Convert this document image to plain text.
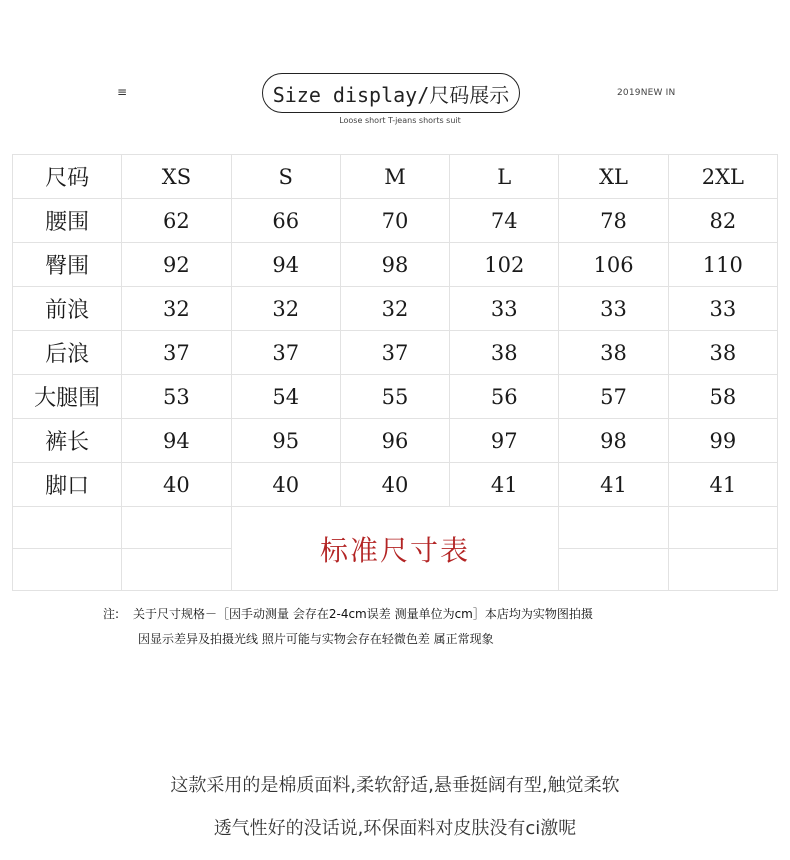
≡	Size display/尺码展示	2019NEW IN
Loose short T-jeans shorts suit
尺码	XS	S	M	L	XL	2XL
腰围	62	66	70	74	78	82
臀围	92	94	98	102	106	110
前浪	32	32	32	33	33	33
后浪	37	37	37	38	38	38
大腿围	53	54	55	56	57	58
裤长	94	95	96	97	98	99
脚口	40	40	40	41	41	41
		标准尺寸表				

注: 关于尺寸规格－［因手动测量 会存在2-4cm误差 测量单位为cm］本店均为实物图拍摄
因显示差异及拍摄光线 照片可能与实物会存在轻微色差 属正常现象
这款采用的是棉质面料,柔软舒适,悬垂挺阔有型,触觉柔软
透气性好的没话说,环保面料对皮肤没有ci激呢
